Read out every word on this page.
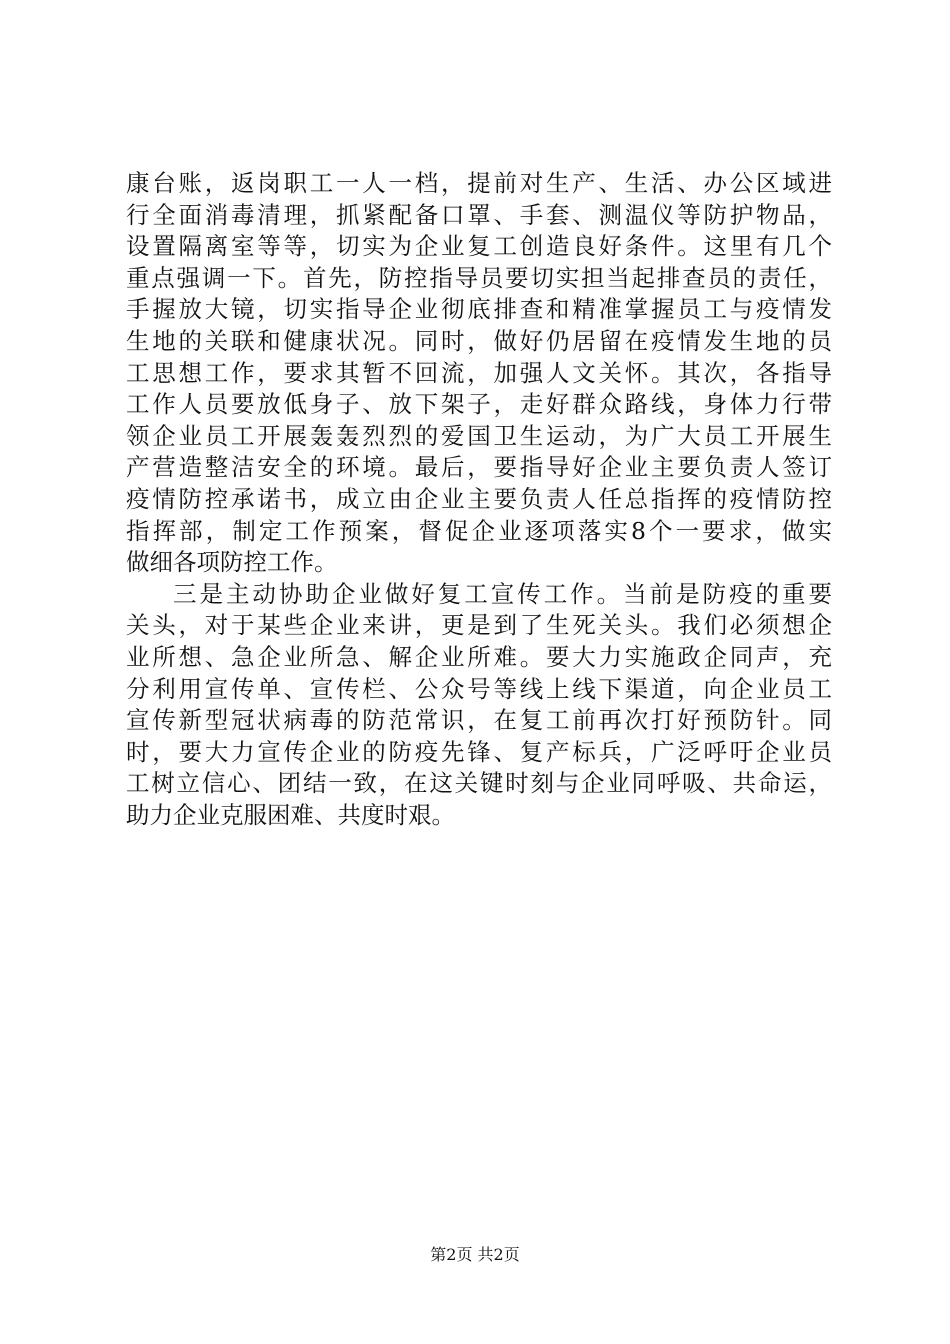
康台账，返岗职工一人一档，提前对生产、生活、办公区域进
行全面消毒清理，抓紧配备口罩、手套、测温仪等防护物品，
设置隔离室等等，切实为企业复工创造良好条件。这里有几个
重点强调一下。首先，防控指导员要切实担当起排查员的责任，
手握放大镜，切实指导企业彻底排查和精准掌握员工与疫情发
生地的关联和健康状况。同时，做好仍居留在疫情发生地的员
工思想工作，要求其暂不回流，加强人文关怀。其次，各指导
工作人员要放低身子、放下架子，走好群众路线，身体力行带
领企业员工开展轰轰烈烈的爱国卫生运动，为广大员工开展生
产营造整洁安全的环境。最后，要指导好企业主要负责人签订
疫情防控承诺书，成立由企业主要负责人任总指挥的疫情防控
指挥部，制定工作预案，督促企业逐项落实8个一要求，做实
做细各项防控工作。
三是主动协助企业做好复工宣传工作。当前是防疫的重要
关头，对于某些企业来讲，更是到了生死关头。我们必须想企
业所想、急企业所急、解企业所难。要大力实施政企同声，充
分利用宣传单、宣传栏、公众号等线上线下渠道，向企业员工
宣传新型冠状病毒的防范常识，在复工前再次打好预防针。同
时，要大力宣传企业的防疫先锋、复产标兵，广泛呼吁企业员
工树立信心、团结一致，在这关键时刻与企业同呼吸、共命运，
助力企业克服困难、共度时艰。
第2页 共2页
